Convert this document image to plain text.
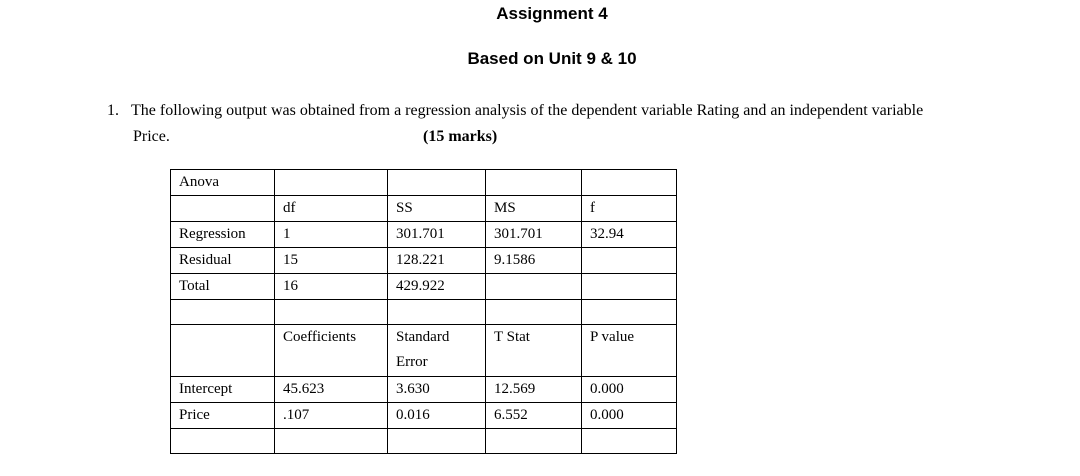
Assignment 4
Based on Unit 9 & 10
1. The following output was obtained from a regression analysis of the dependent variable Rating and an independent variable
Price.	(15 marks)
Anova				
	df	SS	MS	f
Regression	1	301.701	301.701	32.94
Residual	15	128.221	9.1586	
Total	16	429.922		

	Coefficients	Standard Error	T Stat	P value
Intercept	45.623	3.630	12.569	0.000
Price	.107	0.016	6.552	0.000
